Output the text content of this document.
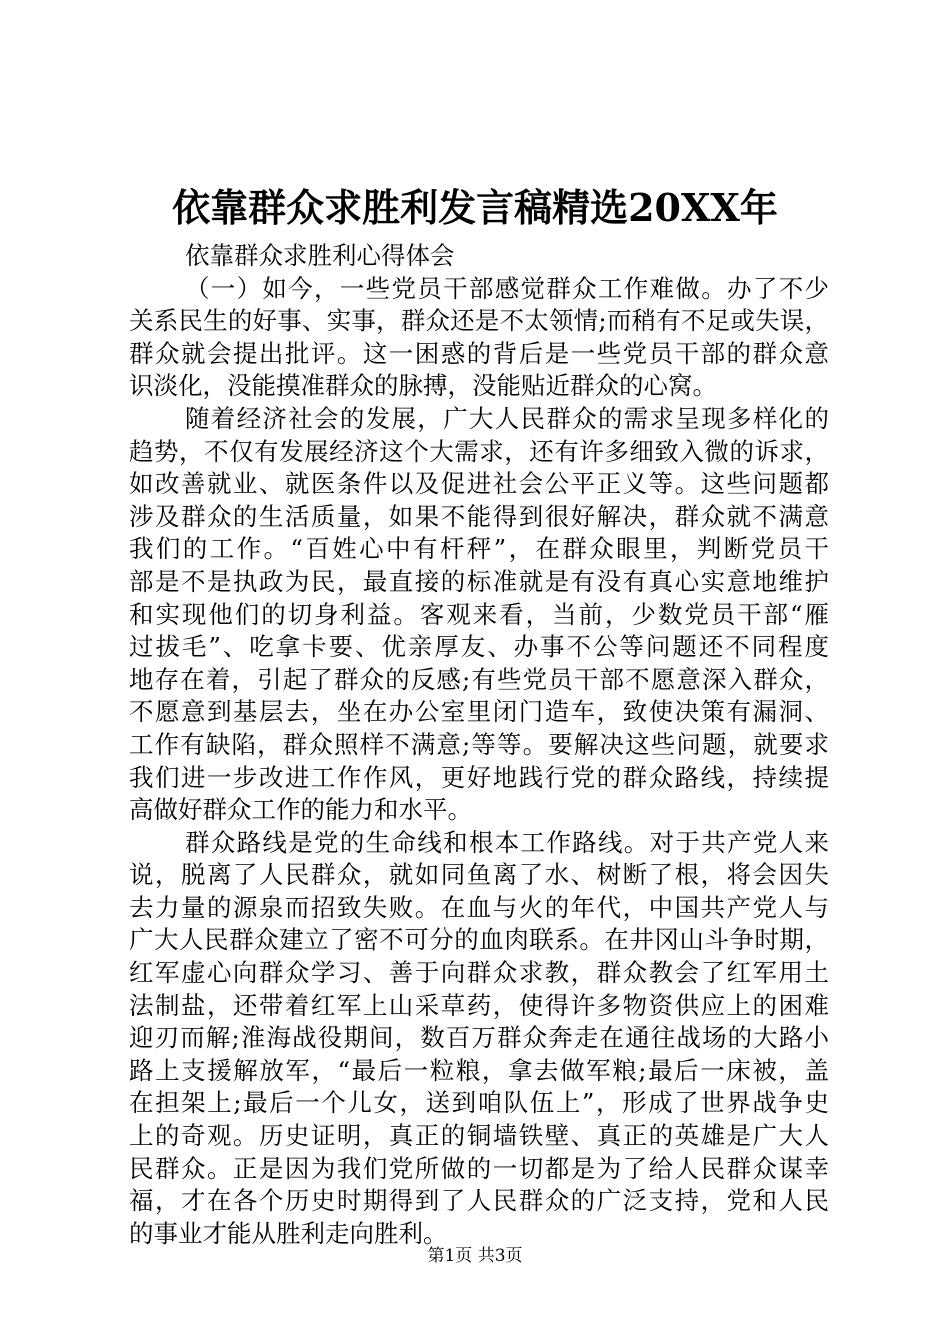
依靠群众求胜利发言稿精选20XX年
依靠群众求胜利心得体会
（一）如今，一些党员干部感觉群众工作难做。办了不少
关系民生的好事、实事，群众还是不太领情;而稍有不足或失误，
群众就会提出批评。这一困惑的背后是一些党员干部的群众意
识淡化，没能摸准群众的脉搏，没能贴近群众的心窝。
随着经济社会的发展，广大人民群众的需求呈现多样化的
趋势，不仅有发展经济这个大需求，还有许多细致入微的诉求，
如改善就业、就医条件以及促进社会公平正义等。这些问题都
涉及群众的生活质量，如果不能得到很好解决，群众就不满意
我们的工作。“百姓心中有杆秤”，在群众眼里，判断党员干
部是不是执政为民，最直接的标准就是有没有真心实意地维护
和实现他们的切身利益。客观来看，当前，少数党员干部“雁
过拔毛”、吃拿卡要、优亲厚友、办事不公等问题还不同程度
地存在着，引起了群众的反感;有些党员干部不愿意深入群众，
不愿意到基层去，坐在办公室里闭门造车，致使决策有漏洞、
工作有缺陷，群众照样不满意;等等。要解决这些问题，就要求
我们进一步改进工作作风，更好地践行党的群众路线，持续提
高做好群众工作的能力和水平。
群众路线是党的生命线和根本工作路线。对于共产党人来
说，脱离了人民群众，就如同鱼离了水、树断了根，将会因失
去力量的源泉而招致失败。在血与火的年代，中国共产党人与
广大人民群众建立了密不可分的血肉联系。在井冈山斗争时期，
红军虚心向群众学习、善于向群众求教，群众教会了红军用土
法制盐，还带着红军上山采草药，使得许多物资供应上的困难
迎刃而解;淮海战役期间，数百万群众奔走在通往战场的大路小
路上支援解放军，“最后一粒粮，拿去做军粮;最后一床被，盖
在担架上;最后一个儿女，送到咱队伍上”，形成了世界战争史
上的奇观。历史证明，真正的铜墙铁壁、真正的英雄是广大人
民群众。正是因为我们党所做的一切都是为了给人民群众谋幸
福，才在各个历史时期得到了人民群众的广泛支持，党和人民
的事业才能从胜利走向胜利。
第1页 共3页
